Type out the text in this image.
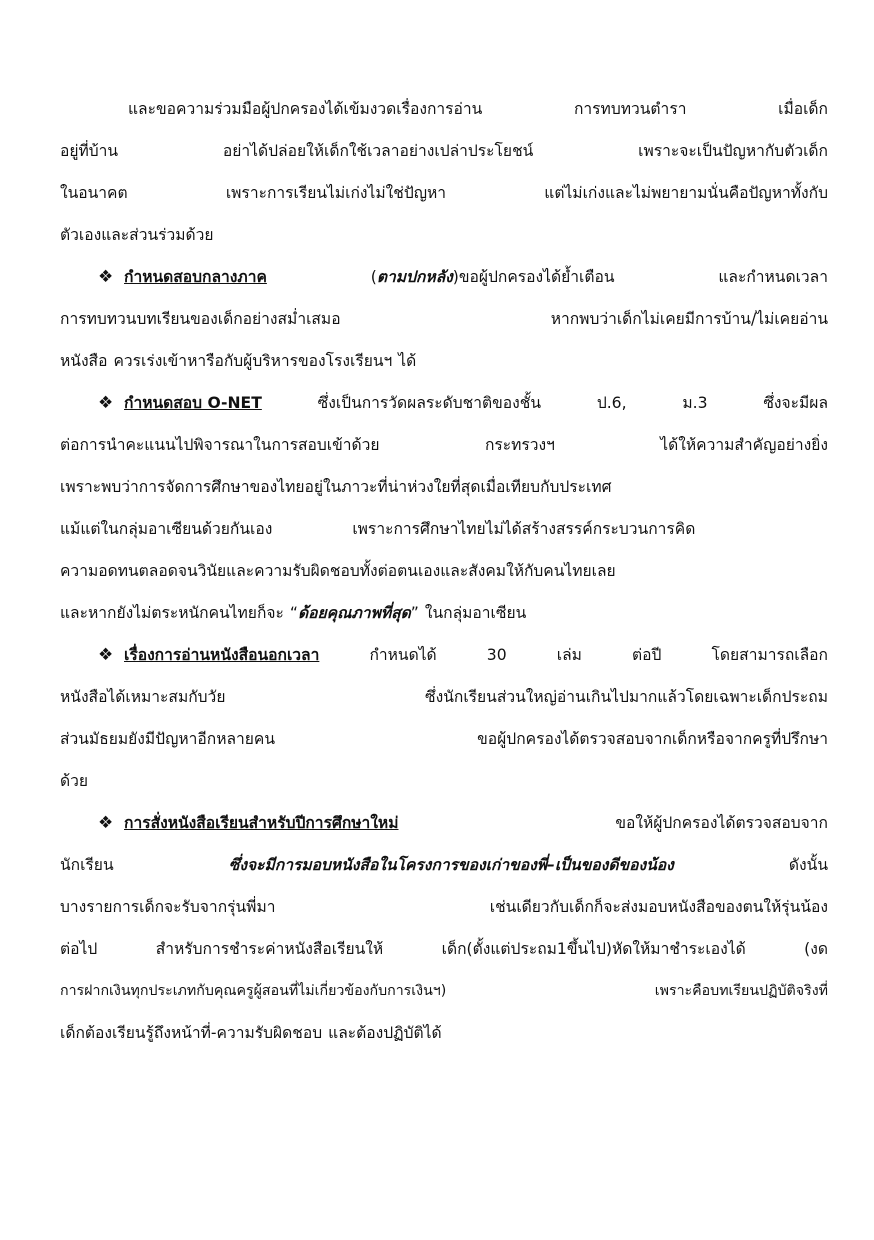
และขอความร่วมมือผู้ปกครองได้เข้มงวดเรื่องการอ่าน	การทบทวนตำรา	เมื่อเด็ก
อยู่ที่บ้าน	อย่าได้ปล่อยให้เด็กใช้เวลาอย่างเปล่าประโยชน์	เพราะจะเป็นปัญหากับตัวเด็ก
ในอนาคต	เพราะการเรียนไม่เก่งไม่ใช่ปัญหา	แต่ไม่เก่งและไม่พยายามนั่นคือปัญหาทั้งกับ
ตัวเองและส่วนร่วมด้วย
❖ กำหนดสอบกลางภาค	(ตามปกหลัง)ขอผู้ปกครองได้ย้ำเตือน	และกำหนดเวลา
การทบทวนบทเรียนของเด็กอย่างสม่ำเสมอ	หากพบว่าเด็กไม่เคยมีการบ้าน/ไม่เคยอ่าน
หนังสือ ควรเร่งเข้าหารือกับผู้บริหารของโรงเรียนฯ ได้
❖ กำหนดสอบ O-NET	ซึ่งเป็นการวัดผลระดับชาติของชั้น	ป.6,	ม.3	ซึ่งจะมีผล
ต่อการนำคะแนนไปพิจารณาในการสอบเข้าด้วย	กระทรวงฯ	ได้ให้ความสำคัญอย่างยิ่ง
เพราะพบว่าการจัดการศึกษาของไทยอยู่ในภาวะที่น่าห่วงใยที่สุดเมื่อเทียบกับประเทศ
แม้แต่ในกลุ่มอาเซียนด้วยกันเอง	เพราะการศึกษาไทยไม่ได้สร้างสรรค์กระบวนการคิด
ความอดทนตลอดจนวินัยและความรับผิดชอบทั้งต่อตนเองและสังคมให้กับคนไทยเลย
และหากยังไม่ตระหนักคนไทยก็จะ “ด้อยคุณภาพที่สุด” ในกลุ่มอาเซียน
❖ เรื่องการอ่านหนังสือนอกเวลา	กำหนดได้	30	เล่ม	ต่อปี	โดยสามารถเลือก
หนังสือได้เหมาะสมกับวัย	ซึ่งนักเรียนส่วนใหญ่อ่านเกินไปมากแล้วโดยเฉพาะเด็กประถม
ส่วนมัธยมยังมีปัญหาอีกหลายคน	ขอผู้ปกครองได้ตรวจสอบจากเด็กหรือจากครูที่ปรึกษา
ด้วย
❖ การสั่งหนังสือเรียนสำหรับปีการศึกษาใหม่	ขอให้ผู้ปกครองได้ตรวจสอบจาก
นักเรียน	ซึ่งจะมีการมอบหนังสือในโครงการของเก่าของพี่–เป็นของดีของน้อง	ดังนั้น
บางรายการเด็กจะรับจากรุ่นพี่มา	เช่นเดียวกับเด็กก็จะส่งมอบหนังสือของตนให้รุ่นน้อง
ต่อไป	สำหรับการชำระค่าหนังสือเรียนให้	เด็ก(ตั้งแต่ประถม1ขึ้นไป)หัดให้มาชำระเองได้	(งด
การฝากเงินทุกประเภทกับคุณครูผู้สอนที่ไม่เกี่ยวข้องกับการเงินฯ)	เพราะคือบทเรียนปฏิบัติจริงที่
เด็กต้องเรียนรู้ถึงหน้าที่-ความรับผิดชอบ และต้องปฏิบัติได้
